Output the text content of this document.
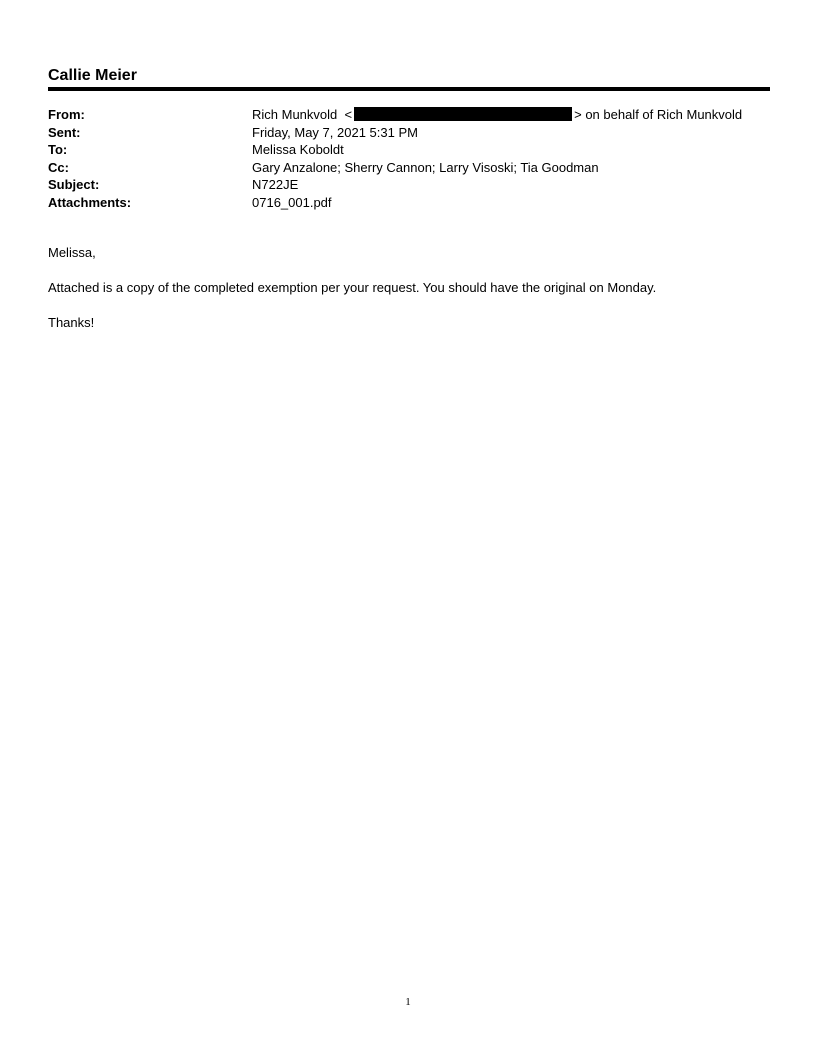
Callie Meier
From:	Rich Munkvold <	> on behalf of Rich Munkvold
Sent:	Friday, May 7, 2021 5:31 PM
To:	Melissa Koboldt
Cc:	Gary Anzalone; Sherry Cannon; Larry Visoski; Tia Goodman
Subject:	N722JE
Attachments:	0716_001.pdf

Melissa,

Attached is a copy of the completed exemption per your request. You should have the original on Monday.

Thanks!

1
